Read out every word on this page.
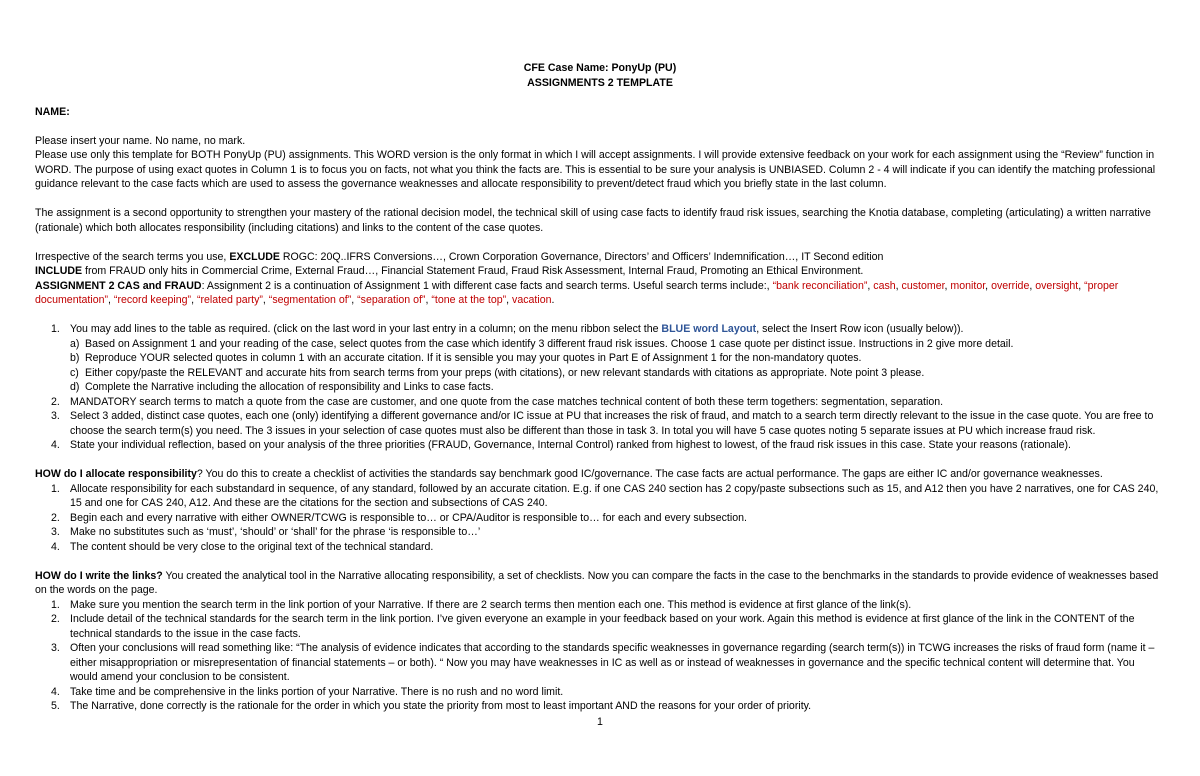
CFE Case Name: PonyUp (PU)

ASSIGNMENTS 2 TEMPLATE

NAME:

Please insert your name. No name, no mark.

Please use only this template for BOTH PonyUp (PU) assignments. This WORD version is the only format in which I will accept assignments. I will provide extensive feedback on your work for each assignment using the “Review” function in WORD. The purpose of using exact quotes in Column 1 is to focus you on facts, not what you think the facts are. This is essential to be sure your analysis is UNBIASED. Column 2 - 4 will indicate if you can identify the matching professional guidance relevant to the case facts which are used to assess the governance weaknesses and allocate responsibility to prevent/detect fraud which you briefly state in the last column.

The assignment is a second opportunity to strengthen your mastery of the rational decision model, the technical skill of using case facts to identify fraud risk issues, searching the Knotia database, completing (articulating) a written narrative (rationale) which both allocates responsibility (including citations) and links to the content of the case quotes.

Irrespective of the search terms you use, EXCLUDE ROGC: 20Q..IFRS Conversions…, Crown Corporation Governance, Directors’ and Officers’ Indemnification…, IT Second edition

INCLUDE from FRAUD only hits in Commercial Crime, External Fraud…, Financial Statement Fraud, Fraud Risk Assessment, Internal Fraud, Promoting an Ethical Environment.

ASSIGNMENT 2 CAS and FRAUD: Assignment 2 is a continuation of Assignment 1 with different case facts and search terms. Useful search terms include:, “bank reconciliation”, cash, customer, monitor, override, oversight, “proper documentation”, “record keeping”, “related party”, “segmentation of”, “separation of”, “tone at the top”, vacation.

1. You may add lines to the table as required. (click on the last word in your last entry in a column; on the menu ribbon select the BLUE word Layout, select the Insert Row icon (usually below)).
a) Based on Assignment 1 and your reading of the case, select quotes from the case which identify 3 different fraud risk issues. Choose 1 case quote per distinct issue. Instructions in 2 give more detail.
b) Reproduce YOUR selected quotes in column 1 with an accurate citation. If it is sensible you may your quotes in Part E of Assignment 1 for the non-mandatory quotes.
c) Either copy/paste the RELEVANT and accurate hits from search terms from your preps (with citations), or new relevant standards with citations as appropriate. Note point 3 please.
d) Complete the Narrative including the allocation of responsibility and Links to case facts.
2. MANDATORY search terms to match a quote from the case are customer, and one quote from the case matches technical content of both these term togethers: segmentation, separation.
3. Select 3 added, distinct case quotes, each one (only) identifying a different governance and/or IC issue at PU that increases the risk of fraud, and match to a search term directly relevant to the issue in the case quote. You are free to choose the search term(s) you need. The 3 issues in your selection of case quotes must also be different than those in task 3. In total you will have 5 case quotes noting 5 separate issues at PU which increase fraud risk.
4. State your individual reflection, based on your analysis of the three priorities (FRAUD, Governance, Internal Control) ranked from highest to lowest, of the fraud risk issues in this case. State your reasons (rationale).

HOW do I allocate responsibility? You do this to create a checklist of activities the standards say benchmark good IC/governance. The case facts are actual performance. The gaps are either IC and/or governance weaknesses.

1. Allocate responsibility for each substandard in sequence, of any standard, followed by an accurate citation. E.g. if one CAS 240 section has 2 copy/paste subsections such as 15, and A12 then you have 2 narratives, one for CAS 240, 15 and one for CAS 240, A12. And these are the citations for the section and subsections of CAS 240.
2. Begin each and every narrative with either OWNER/TCWG is responsible to… or CPA/Auditor is responsible to… for each and every subsection.
3. Make no substitutes such as ‘must’, ‘should’ or ‘shall’ for the phrase ‘is responsible to…’
4. The content should be very close to the original text of the technical standard.

HOW do I write the links? You created the analytical tool in the Narrative allocating responsibility, a set of checklists. Now you can compare the facts in the case to the benchmarks in the standards to provide evidence of weaknesses based on the words on the page.

1. Make sure you mention the search term in the link portion of your Narrative. If there are 2 search terms then mention each one. This method is evidence at first glance of the link(s).
2. Include detail of the technical standards for the search term in the link portion. I’ve given everyone an example in your feedback based on your work. Again this method is evidence at first glance of the link in the CONTENT of the technical standards to the issue in the case facts.
3. Often your conclusions will read something like: “The analysis of evidence indicates that according to the standards specific weaknesses in governance regarding (search term(s)) in TCWG increases the risks of fraud form (name it – either misappropriation or misrepresentation of financial statements – or both). “ Now you may have weaknesses in IC as well as or instead of weaknesses in governance and the specific technical content will determine that. You would amend your conclusion to be consistent.
4. Take time and be comprehensive in the links portion of your Narrative. There is no rush and no word limit.
5. The Narrative, done correctly is the rationale for the order in which you state the priority from most to least important AND the reasons for your order of priority.
1
